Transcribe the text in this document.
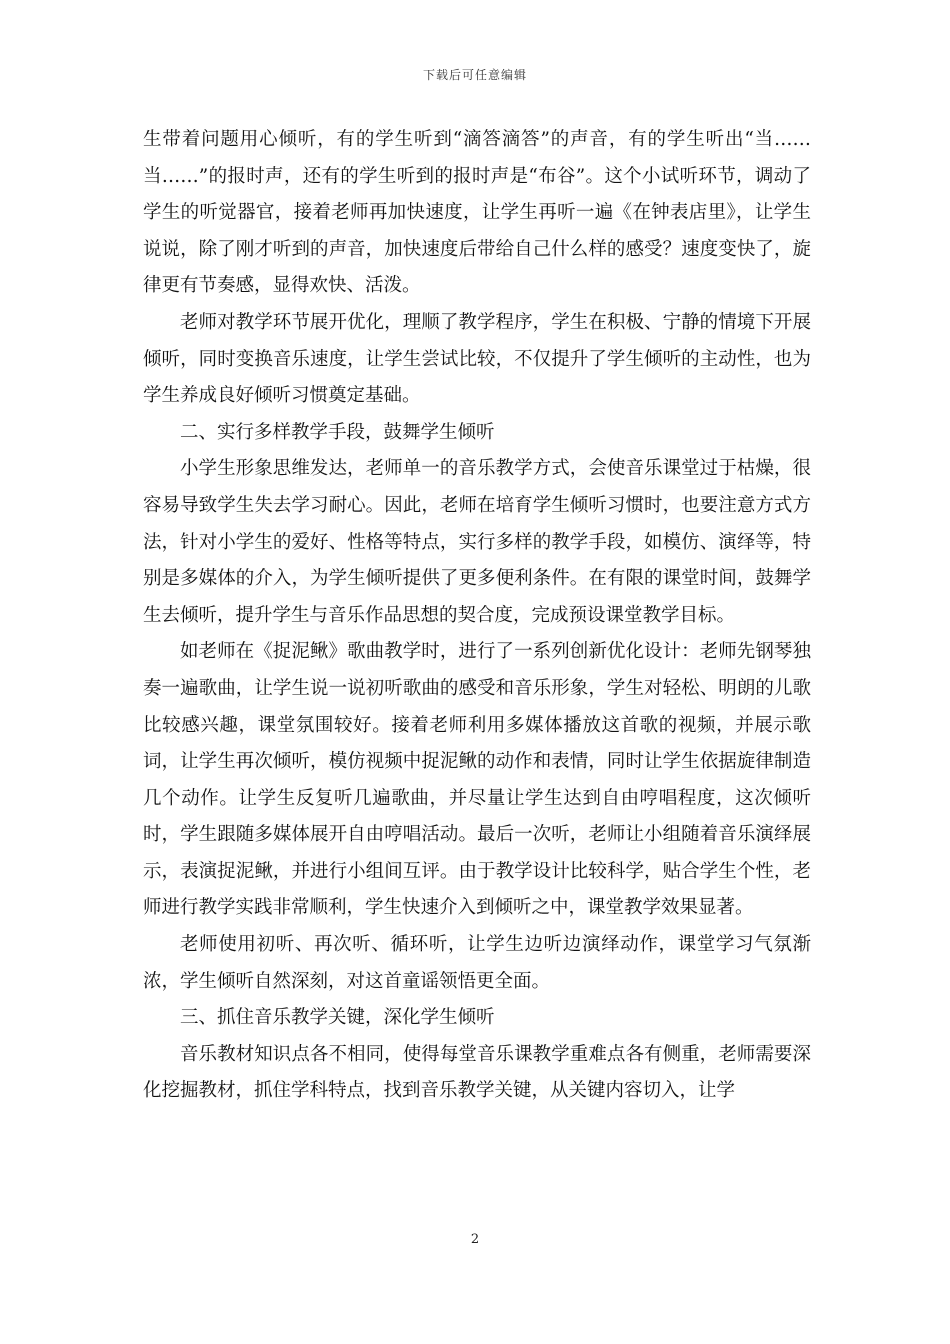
下载后可任意编辑

生带着问题用心倾听，有的学生听到“滴答滴答”的声音，有的学生听出“当……当……”的报时声，还有的学生听到的报时声是“布谷”。这个小试听环节，调动了学生的听觉器官，接着老师再加快速度，让学生再听一遍《在钟表店里》，让学生说说，除了刚才听到的声音，加快速度后带给自己什么样的感受？速度变快了，旋律更有节奏感，显得欢快、活泼。

老师对教学环节展开优化，理顺了教学程序，学生在积极、宁静的情境下开展倾听，同时变换音乐速度，让学生尝试比较，不仅提升了学生倾听的主动性，也为学生养成良好倾听习惯奠定基础。

二、实行多样教学手段，鼓舞学生倾听

小学生形象思维发达，老师单一的音乐教学方式，会使音乐课堂过于枯燥，很容易导致学生失去学习耐心。因此，老师在培育学生倾听习惯时，也要注意方式方法，针对小学生的爱好、性格等特点，实行多样的教学手段，如模仿、演绎等，特别是多媒体的介入，为学生倾听提供了更多便利条件。在有限的课堂时间，鼓舞学生去倾听，提升学生与音乐作品思想的契合度，完成预设课堂教学目标。

如老师在《捉泥鳅》歌曲教学时，进行了一系列创新优化设计：老师先钢琴独奏一遍歌曲，让学生说一说初听歌曲的感受和音乐形象，学生对轻松、明朗的儿歌比较感兴趣，课堂氛围较好。接着老师利用多媒体播放这首歌的视频，并展示歌词，让学生再次倾听，模仿视频中捉泥鳅的动作和表情，同时让学生依据旋律制造几个动作。让学生反复听几遍歌曲，并尽量让学生达到自由哼唱程度，这次倾听时，学生跟随多媒体展开自由哼唱活动。最后一次听，老师让小组随着音乐演绎展示，表演捉泥鳅，并进行小组间互评。由于教学设计比较科学，贴合学生个性，老师进行教学实践非常顺利，学生快速介入到倾听之中，课堂教学效果显著。

老师使用初听、再次听、循环听，让学生边听边演绎动作，课堂学习气氛渐浓，学生倾听自然深刻，对这首童谣领悟更全面。

三、抓住音乐教学关键，深化学生倾听

音乐教材知识点各不相同，使得每堂音乐课教学重难点各有侧重，老师需要深化挖掘教材，抓住学科特点，找到音乐教学关键，从关键内容切入，让学

2
